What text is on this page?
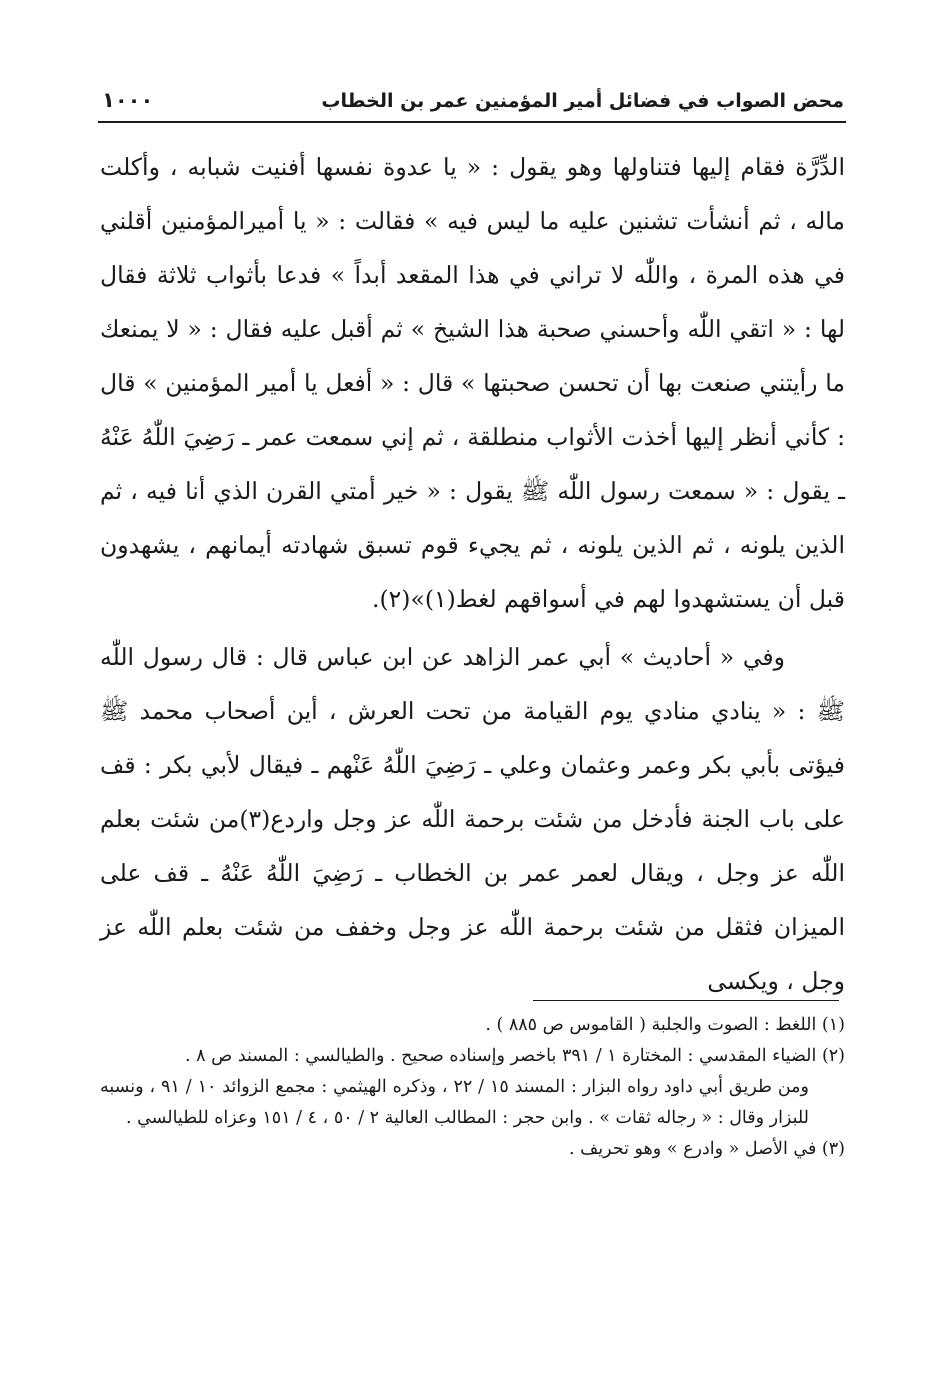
محض الصواب في فضائل أمير المؤمنين عمر بن الخطاب
١٠٠٠

الدِّرَّة فقام إليها فتناولها وهو يقول : « يا عدوة نفسها أفنيت شبابه ، وأكلت ماله ، ثم أنشأت تشنين عليه ما ليس فيه » فقالت : « يا أميرالمؤمنين أقلني في هذه المرة ، واللّٰه لا تراني في هذا المقعد أبداً » فدعا بأثواب ثلاثة فقال لها : « اتقي اللّٰه وأحسني صحبة هذا الشيخ » ثم أقبل عليه فقال : « لا يمنعك ما رأيتني صنعت بها أن تحسن صحبتها » قال : « أفعل يا أمير المؤمنين » قال : كأني أنظر إليها أخذت الأثواب منطلقة ، ثم إني سمعت عمر ـ رَضِيَ اللّٰهُ عَنْهُ ـ يقول : « سمعت رسول اللّٰه ﷺ يقول : « خير أمتي القرن الذي أنا فيه ، ثم الذين يلونه ، ثم الذين يلونه ، ثم يجيء قوم تسبق شهادته أيمانهم ، يشهدون قبل أن يستشهدوا لهم في أسواقهم لغط(١)»(٢).

وفي « أحاديث » أبي عمر الزاهد عن ابن عباس قال : قال رسول اللّٰه ﷺ : « ينادي منادي يوم القيامة من تحت العرش ، أين أصحاب محمد ﷺ فيؤتى بأبي بكر وعمر وعثمان وعلي ـ رَضِيَ اللّٰهُ عَنْهم ـ فيقال لأبي بكر : قف على باب الجنة فأدخل من شئت برحمة اللّٰه عز وجل واردع(٣)من شئت بعلم اللّٰه عز وجل ، ويقال لعمر عمر بن الخطاب ـ رَضِيَ اللّٰهُ عَنْهُ ـ قف على الميزان فثقل من شئت برحمة اللّٰه عز وجل وخفف من شئت بعلم اللّٰه عز وجل ، ويكسى

(١) اللغط : الصوت والجلبة ( القاموس ص ٨٨٥ ) .

(٢) الضياء المقدسي : المختارة ١ / ٣٩١ باخصر وإسناده صحيح . والطيالسي : المسند ص ٨ .

ومن طريق أبي داود رواه البزار : المسند ١٥ / ٢٢ ، وذكره الهيثمي : مجمع الزوائد ١٠ / ٩١ ، ونسبه للبزار وقال : « رجاله ثقات » . وابن حجر : المطالب العالية ٢ / ٥٠ ، ٤ / ١٥١ وعزاه للطيالسي .

(٣) في الأصل « وادرع » وهو تحريف .
